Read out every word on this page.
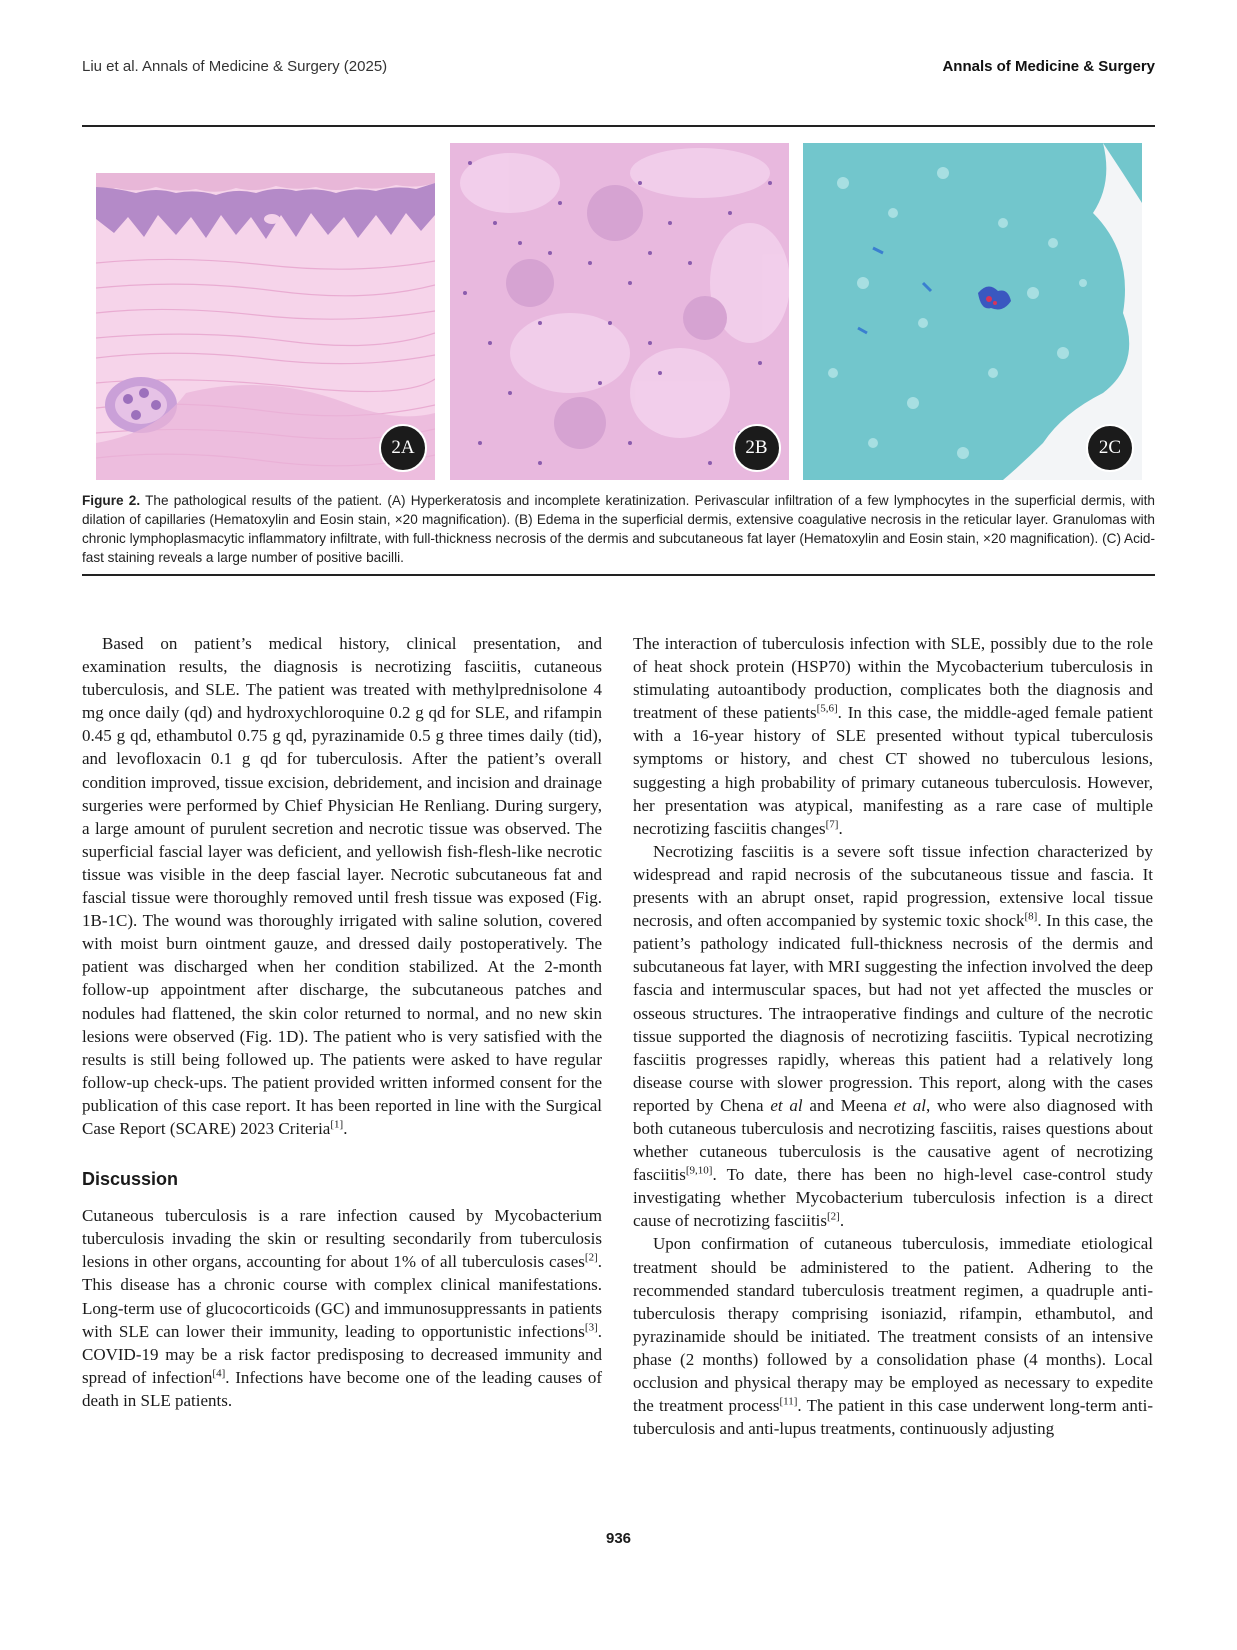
Liu et al. Annals of Medicine & Surgery (2025)	Annals of Medicine & Surgery
2A	2B	2C
Figure 2. The pathological results of the patient. (A) Hyperkeratosis and incomplete keratinization. Perivascular infiltration of a few lymphocytes in the superficial dermis, with dilation of capillaries (Hematoxylin and Eosin stain, ×20 magnification). (B) Edema in the superficial dermis, extensive coagulative necrosis in the reticular layer. Granulomas with chronic lymphoplasmacytic inflammatory infiltrate, with full-thickness necrosis of the dermis and subcutaneous fat layer (Hematoxylin and Eosin stain, ×20 magnification). (C) Acid-fast staining reveals a large number of positive bacilli.

Based on patient’s medical history, clinical presentation, and examination results, the diagnosis is necrotizing fasciitis, cutaneous tuberculosis, and SLE. The patient was treated with methylprednisolone 4 mg once daily (qd) and hydroxychloroquine 0.2 g qd for SLE, and rifampin 0.45 g qd, ethambutol 0.75 g qd, pyrazinamide 0.5 g three times daily (tid), and levofloxacin 0.1 g qd for tuberculosis. After the patient’s overall condition improved, tissue excision, debridement, and incision and drainage surgeries were performed by Chief Physician He Renliang. During surgery, a large amount of purulent secretion and necrotic tissue was observed. The superficial fascial layer was deficient, and yellowish fish-flesh-like necrotic tissue was visible in the deep fascial layer. Necrotic subcutaneous fat and fascial tissue were thoroughly removed until fresh tissue was exposed (Fig. 1B-1C). The wound was thoroughly irrigated with saline solution, covered with moist burn ointment gauze, and dressed daily postoperatively. The patient was discharged when her condition stabilized. At the 2-month follow-up appointment after discharge, the subcutaneous patches and nodules had flattened, the skin color returned to normal, and no new skin lesions were observed (Fig. 1D). The patient who is very satisfied with the results is still being followed up. The patients were asked to have regular follow-up check-ups. The patient provided written informed consent for the publication of this case report. It has been reported in line with the Surgical Case Report (SCARE) 2023 Criteria[1].

Discussion

Cutaneous tuberculosis is a rare infection caused by Mycobacterium tuberculosis invading the skin or resulting secondarily from tuberculosis lesions in other organs, accounting for about 1% of all tuberculosis cases[2]. This disease has a chronic course with complex clinical manifestations. Long-term use of glucocorticoids (GC) and immunosuppressants in patients with SLE can lower their immunity, leading to opportunistic infections[3]. COVID-19 may be a risk factor predisposing to decreased immunity and spread of infection[4]. Infections have become one of the leading causes of death in SLE patients.

The interaction of tuberculosis infection with SLE, possibly due to the role of heat shock protein (HSP70) within the Mycobacterium tuberculosis in stimulating autoantibody production, complicates both the diagnosis and treatment of these patients[5,6]. In this case, the middle-aged female patient with a 16-year history of SLE presented without typical tuberculosis symptoms or history, and chest CT showed no tuberculous lesions, suggesting a high probability of primary cutaneous tuberculosis. However, her presentation was atypical, manifesting as a rare case of multiple necrotizing fasciitis changes[7].

Necrotizing fasciitis is a severe soft tissue infection characterized by widespread and rapid necrosis of the subcutaneous tissue and fascia. It presents with an abrupt onset, rapid progression, extensive local tissue necrosis, and often accompanied by systemic toxic shock[8]. In this case, the patient’s pathology indicated full-thickness necrosis of the dermis and subcutaneous fat layer, with MRI suggesting the infection involved the deep fascia and intermuscular spaces, but had not yet affected the muscles or osseous structures. The intraoperative findings and culture of the necrotic tissue supported the diagnosis of necrotizing fasciitis. Typical necrotizing fasciitis progresses rapidly, whereas this patient had a relatively long disease course with slower progression. This report, along with the cases reported by Chena et al and Meena et al, who were also diagnosed with both cutaneous tuberculosis and necrotizing fasciitis, raises questions about whether cutaneous tuberculosis is the causative agent of necrotizing fasciitis[9,10]. To date, there has been no high-level case-control study investigating whether Mycobacterium tuberculosis infection is a direct cause of necrotizing fasciitis[2].

Upon confirmation of cutaneous tuberculosis, immediate etiological treatment should be administered to the patient. Adhering to the recommended standard tuberculosis treatment regimen, a quadruple anti-tuberculosis therapy comprising isoniazid, rifampin, ethambutol, and pyrazinamide should be initiated. The treatment consists of an intensive phase (2 months) followed by a consolidation phase (4 months). Local occlusion and physical therapy may be employed as necessary to expedite the treatment process[11]. The patient in this case underwent long-term anti-tuberculosis and anti-lupus treatments, continuously adjusting

936
